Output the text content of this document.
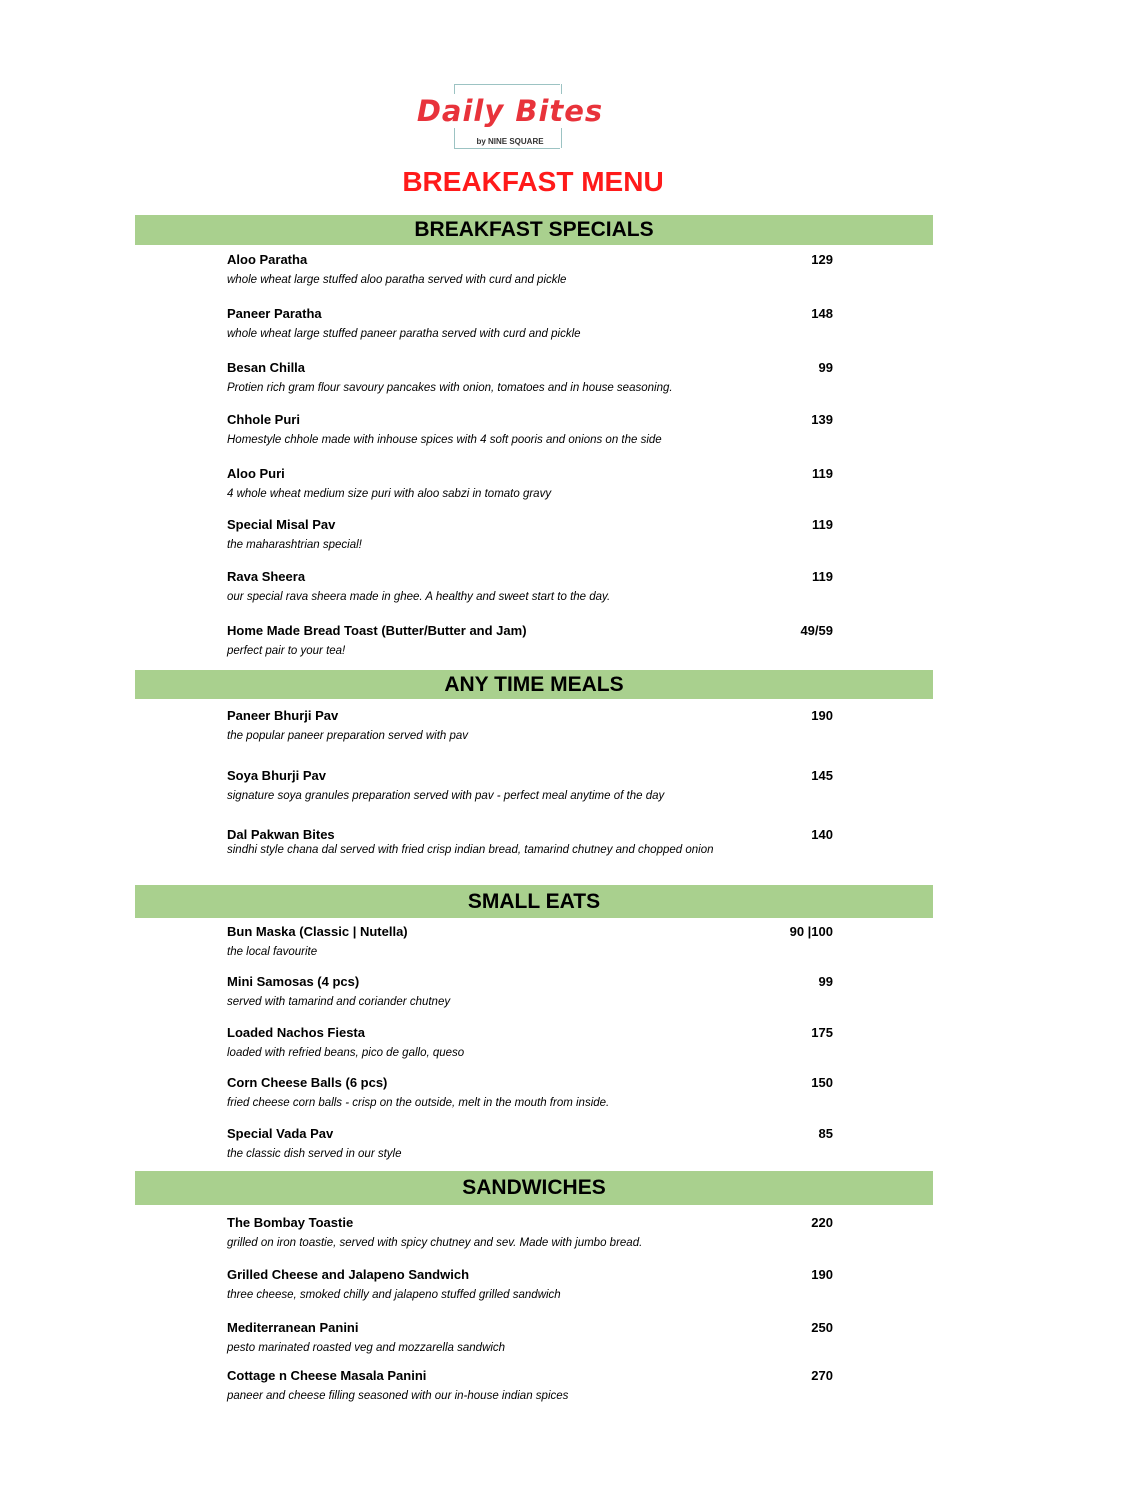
Daily Bites
by NINE SQUARE
BREAKFAST MENU
BREAKFAST SPECIALS
Aloo Paratha	129
whole wheat large stuffed aloo paratha served with curd and pickle
Paneer Paratha	148
whole wheat large stuffed paneer paratha served with curd and pickle
Besan Chilla	99
Protien rich gram flour savoury pancakes with onion, tomatoes and in house seasoning.
Chhole Puri	139
Homestyle chhole made with inhouse spices with 4 soft pooris and onions on the side
Aloo Puri	119
4 whole wheat medium size puri with aloo sabzi in tomato gravy
Special Misal Pav	119
the maharashtrian special!
Rava Sheera	119
our special rava sheera made in ghee. A healthy and sweet start to the day.
Home Made Bread Toast (Butter/Butter and Jam)	49/59
perfect pair to your tea!
ANY TIME MEALS
Paneer Bhurji Pav	190
the popular paneer preparation served with pav
Soya Bhurji Pav	145
signature soya granules preparation served with pav - perfect meal anytime of the day
Dal Pakwan Bites	140
sindhi style chana dal served with fried crisp indian bread, tamarind chutney and chopped onion
SMALL EATS
Bun Maska (Classic | Nutella)	90 |100
the local favourite
Mini Samosas (4 pcs)	99
served with tamarind and coriander chutney
Loaded Nachos Fiesta	175
loaded with refried beans, pico de gallo, queso
Corn Cheese Balls (6 pcs)	150
fried cheese corn balls - crisp on the outside, melt in the mouth from inside.
Special Vada Pav	85
the classic dish served in our style
SANDWICHES
The Bombay Toastie	220
grilled on iron toastie, served with spicy chutney and sev. Made with jumbo bread.
Grilled Cheese and Jalapeno Sandwich	190
three cheese, smoked chilly and jalapeno stuffed grilled sandwich
Mediterranean Panini	250
pesto marinated roasted veg and mozzarella sandwich
Cottage n Cheese Masala Panini	270
paneer and cheese filling seasoned with our in-house indian spices
